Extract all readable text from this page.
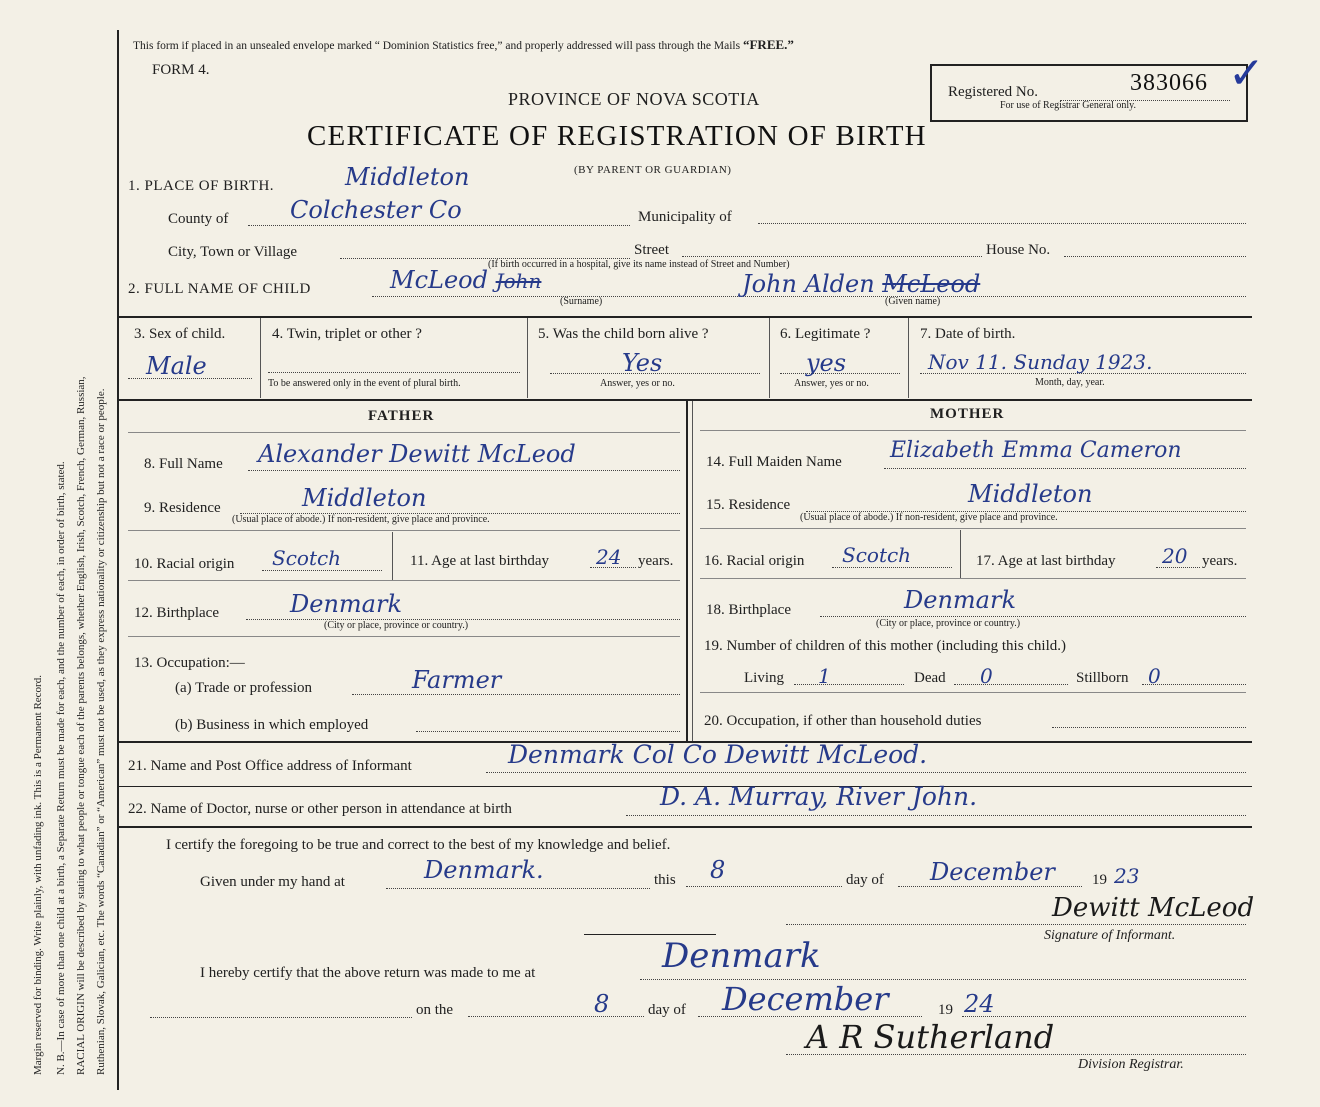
Margin reserved for binding. Write plainly, with unfading ink. This is a Permanent Record. N. B.—In case of more than one child at a birth, a Separate Return must be made for each, and the number of each, in order of birth, stated. RACIAL ORIGIN will be described by stating to what people or tongue each of the parents belongs, whether English, Irish, Scotch, French, German, Russian, Ruthenian, Slovak, Galician, etc. The words “Canadian” or “American” must not be used, as they express nationality or citizenship but not a race or people.
This form if placed in an unsealed envelope marked “ Dominion Statistics free,” and properly addressed will pass through the Mails “FREE.”
FORM 4.
PROVINCE OF NOVA SCOTIA
CERTIFICATE OF REGISTRATION OF BIRTH
(BY PARENT OR GUARDIAN)
Registered No.	383066 ✓
For use of Registrar General only.
1. PLACE OF BIRTH.	Middleton
County of	Colchester Co	Municipality of
City, Town or Village	Street	House No.
(If birth occurred in a hospital, give its name instead of Street and Number)
2. FULL NAME OF CHILD	McLeod John
(Surname)
John Alden McLeod
(Given name)
3. Sex of child.
Male
4. Twin, triplet or other ?
To be answered only in the event of plural birth.
5. Was the child born alive ?
Yes
Answer, yes or no.
6. Legitimate ?
yes
Answer, yes or no.
7. Date of birth.
Nov 11. Sunday 1923.
Month, day, year.
FATHER	MOTHER
8. Full Name Alexander Dewitt McLeod
9. Residence	Middleton
(Usual place of abode.) If non-resident, give place and province.
10. Racial origin Scotch	11. Age at last birthday 24 years.
12. Birthplace	Denmark
(City or place, province or country.)
13. Occupation:—
(a) Trade or profession	Farmer
(b) Business in which employed
14. Full Maiden Name Elizabeth Emma Cameron
15. Residence	Middleton
(Usual place of abode.) If non-resident, give place and province.
16. Racial origin Scotch	17. Age at last birthday 20 years.
18. Birthplace	Denmark
(City or place, province or country.)
19. Number of children of this mother (including this child.)
Living 1	Dead 0	Stillborn 0
20. Occupation, if other than household duties
21. Name and Post Office address of Informant	Denmark Col Co Dewitt McLeod.
22. Name of Doctor, nurse or other person in attendance at birth	D. A. Murray, River John.
I certify the foregoing to be true and correct to the best of my knowledge and belief.
Given under my hand at	Denmark.	this 8	day of December 19 23
Dewitt McLeod
Signature of Informant.
I hereby certify that the above return was made to me at	Denmark
on the	8	day of December	19 24
A R Sutherland
Division Registrar.
